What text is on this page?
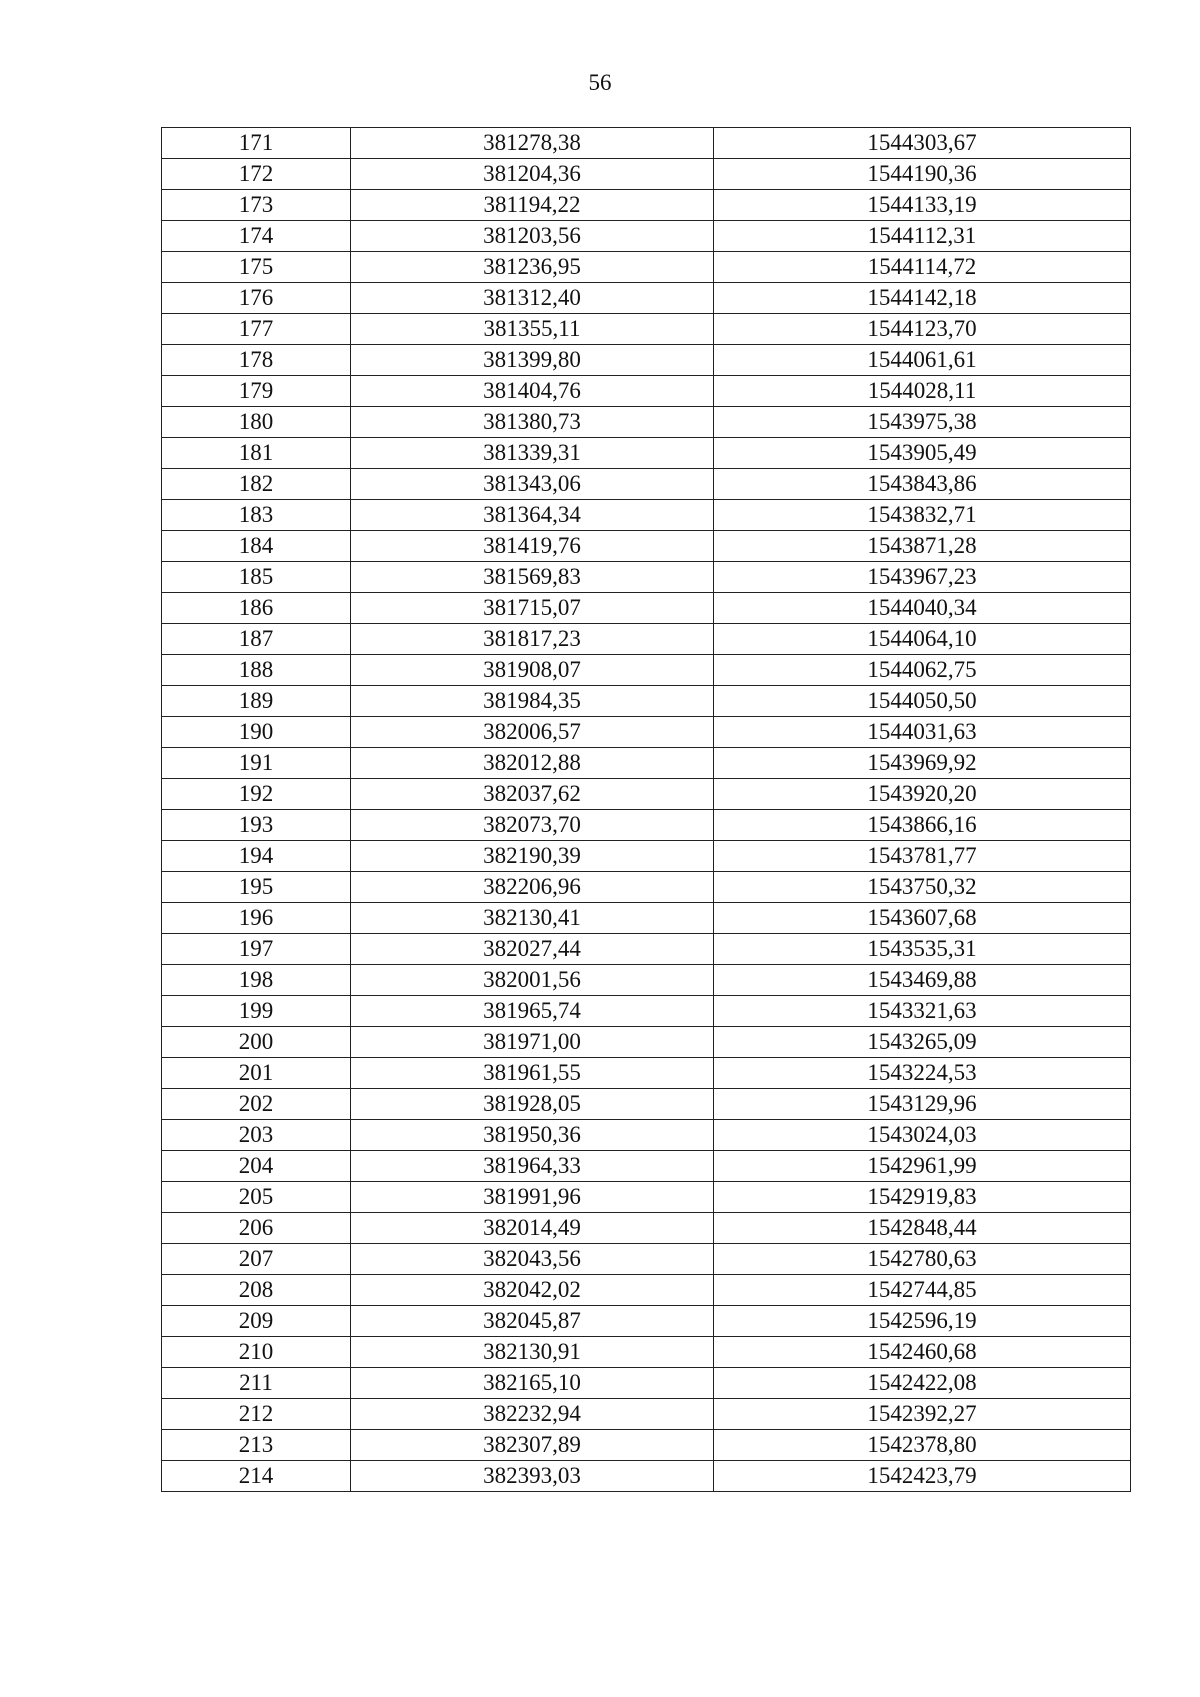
56
171	381278,38	1544303,67
172	381204,36	1544190,36
173	381194,22	1544133,19
174	381203,56	1544112,31
175	381236,95	1544114,72
176	381312,40	1544142,18
177	381355,11	1544123,70
178	381399,80	1544061,61
179	381404,76	1544028,11
180	381380,73	1543975,38
181	381339,31	1543905,49
182	381343,06	1543843,86
183	381364,34	1543832,71
184	381419,76	1543871,28
185	381569,83	1543967,23
186	381715,07	1544040,34
187	381817,23	1544064,10
188	381908,07	1544062,75
189	381984,35	1544050,50
190	382006,57	1544031,63
191	382012,88	1543969,92
192	382037,62	1543920,20
193	382073,70	1543866,16
194	382190,39	1543781,77
195	382206,96	1543750,32
196	382130,41	1543607,68
197	382027,44	1543535,31
198	382001,56	1543469,88
199	381965,74	1543321,63
200	381971,00	1543265,09
201	381961,55	1543224,53
202	381928,05	1543129,96
203	381950,36	1543024,03
204	381964,33	1542961,99
205	381991,96	1542919,83
206	382014,49	1542848,44
207	382043,56	1542780,63
208	382042,02	1542744,85
209	382045,87	1542596,19
210	382130,91	1542460,68
211	382165,10	1542422,08
212	382232,94	1542392,27
213	382307,89	1542378,80
214	382393,03	1542423,79
